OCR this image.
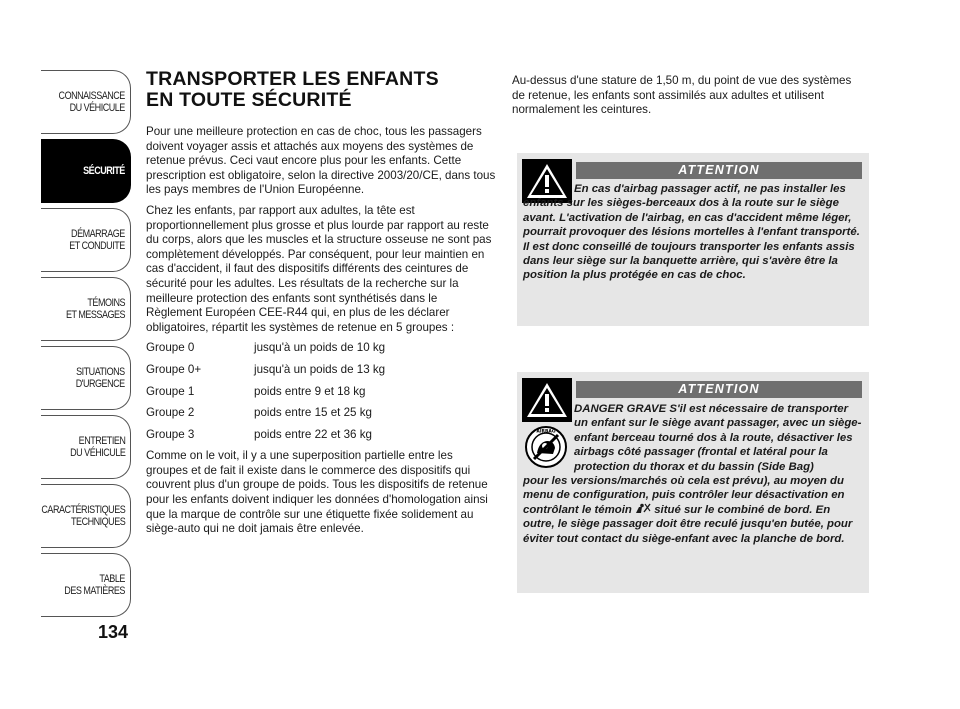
CONNAISSANCE
DU VÉHICULE
SÉCURITÉ
DÉMARRAGE
ET CONDUITE
TÉMOINS
ET MESSAGES
SITUATIONS
D'URGENCE
ENTRETIEN
DU VÉHICULE
CARACTÉRISTIQUES
TECHNIQUES
TABLE
DES MATIÈRES
134
TRANSPORTER LES ENFANTS
EN TOUTE SÉCURITÉ

Pour une meilleure protection en cas de choc, tous les passagers doivent voyager assis et attachés aux moyens des systèmes de retenue prévus. Ceci vaut encore plus pour les enfants. Cette prescription est obligatoire, selon la directive 2003/20/CE, dans tous les pays membres de l'Union Européenne.

Chez les enfants, par rapport aux adultes, la tête est proportionnellement plus grosse et plus lourde par rapport au reste du corps, alors que les muscles et la structure osseuse ne sont pas complètement développés. Par conséquent, pour leur maintien en cas d'accident, il faut des dispositifs différents des ceintures de sécurité pour les adultes. Les résultats de la recherche sur la meilleure protection des enfants sont synthétisés dans le Règlement Européen CEE-R44 qui, en plus de les déclarer obligatoires, répartit les systèmes de retenue en 5 groupes :

Groupe 0	jusqu'à un poids de 10 kg
Groupe 0+	jusqu'à un poids de 13 kg
Groupe 1	poids entre 9 et 18 kg
Groupe 2	poids entre 15 et 25 kg
Groupe 3	poids entre 22 et 36 kg

Comme on le voit, il y a une superposition partielle entre les groupes et de fait il existe dans le commerce des dispositifs qui couvrent plus d'un groupe de poids. Tous les dispositifs de retenue pour les enfants doivent indiquer les données d'homologation ainsi que la marque de contrôle sur une étiquette fixée solidement au siège-auto qui ne doit jamais être enlevée.

Au-dessus d'une stature de 1,50 m, du point de vue des systèmes de retenue, les enfants sont assimilés aux adultes et utilisent normalement les ceintures.

ATTENTION
En cas d'airbag passager actif, ne pas installer les enfants sur les sièges-berceaux dos à la route sur le siège avant. L'activation de l'airbag, en cas d'accident même léger, pourrait provoquer des lésions mortelles à l'enfant transporté. Il est donc conseillé de toujours transporter les enfants assis dans leur siège sur la banquette arrière, qui s'avère être la position la plus protégée en cas de choc.
AIRBAG
ATTENTION
DANGER GRAVE S'il est nécessaire de transporter un enfant sur le siège avant passager, avec un siège-enfant berceau tourné dos à la route, désactiver les airbags côté passager (frontal et latéral pour la protection du thorax et du bassin (Side Bag)
pour les versions/marchés où cela est prévu), au moyen du menu de configuration, puis contrôler leur désactivation en contrôlant le témoin situé sur le combiné de bord. En outre, le siège passager doit être reculé jusqu'en butée, pour éviter tout contact du siège-enfant avec la planche de bord.
